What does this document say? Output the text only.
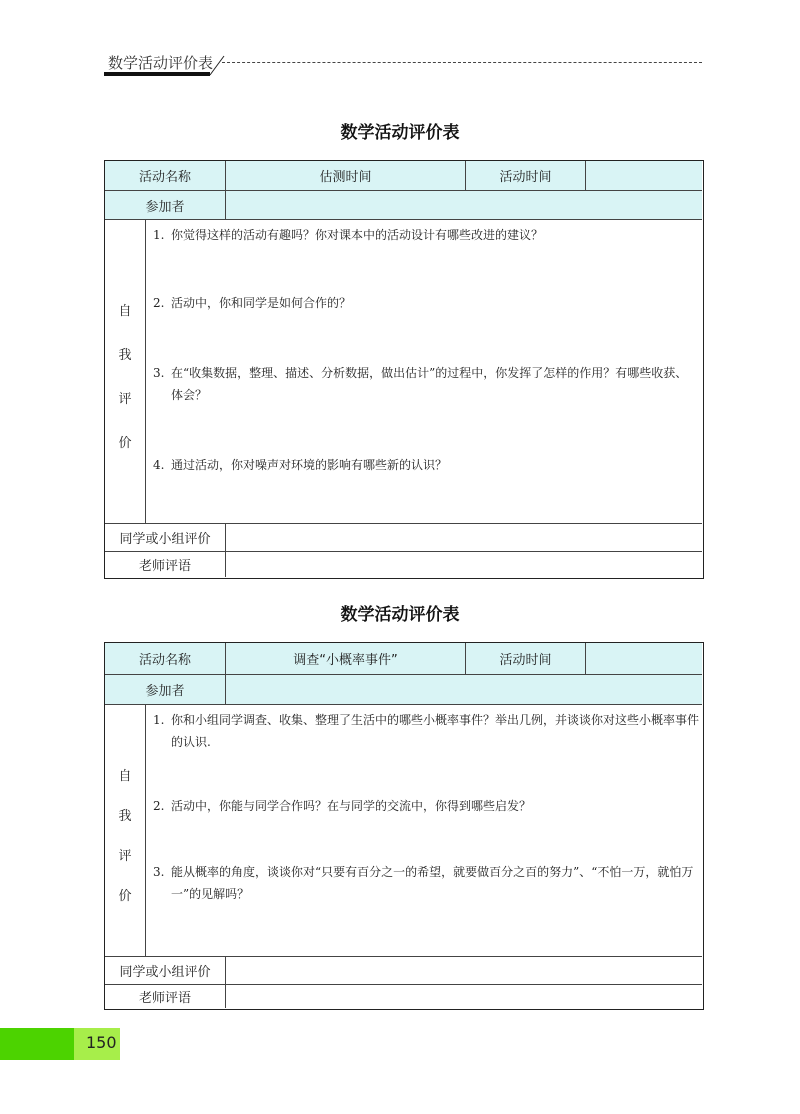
数学活动评价表
数学活动评价表
活动名称	估测时间	活动时间
参加者
自
我
评
价
1. 你觉得这样的活动有趣吗？你对课本中的活动设计有哪些改进的建议？
2. 活动中，你和同学是如何合作的？
3. 在“收集数据，整理、描述、分析数据，做出估计”的过程中，你发挥了怎样的作用？有哪些收获、体会？
4. 通过活动，你对噪声对环境的影响有哪些新的认识？
同学或小组评价
老师评语
数学活动评价表
活动名称	调查“小概率事件”	活动时间
参加者
自
我
评
价
1. 你和小组同学调查、收集、整理了生活中的哪些小概率事件？举出几例，并谈谈你对这些小概率事件的认识.
2. 活动中，你能与同学合作吗？在与同学的交流中，你得到哪些启发？
3. 能从概率的角度，谈谈你对“只要有百分之一的希望，就要做百分之百的努力”、“不怕一万，就怕万一”的见解吗？
同学或小组评价
老师评语
150
